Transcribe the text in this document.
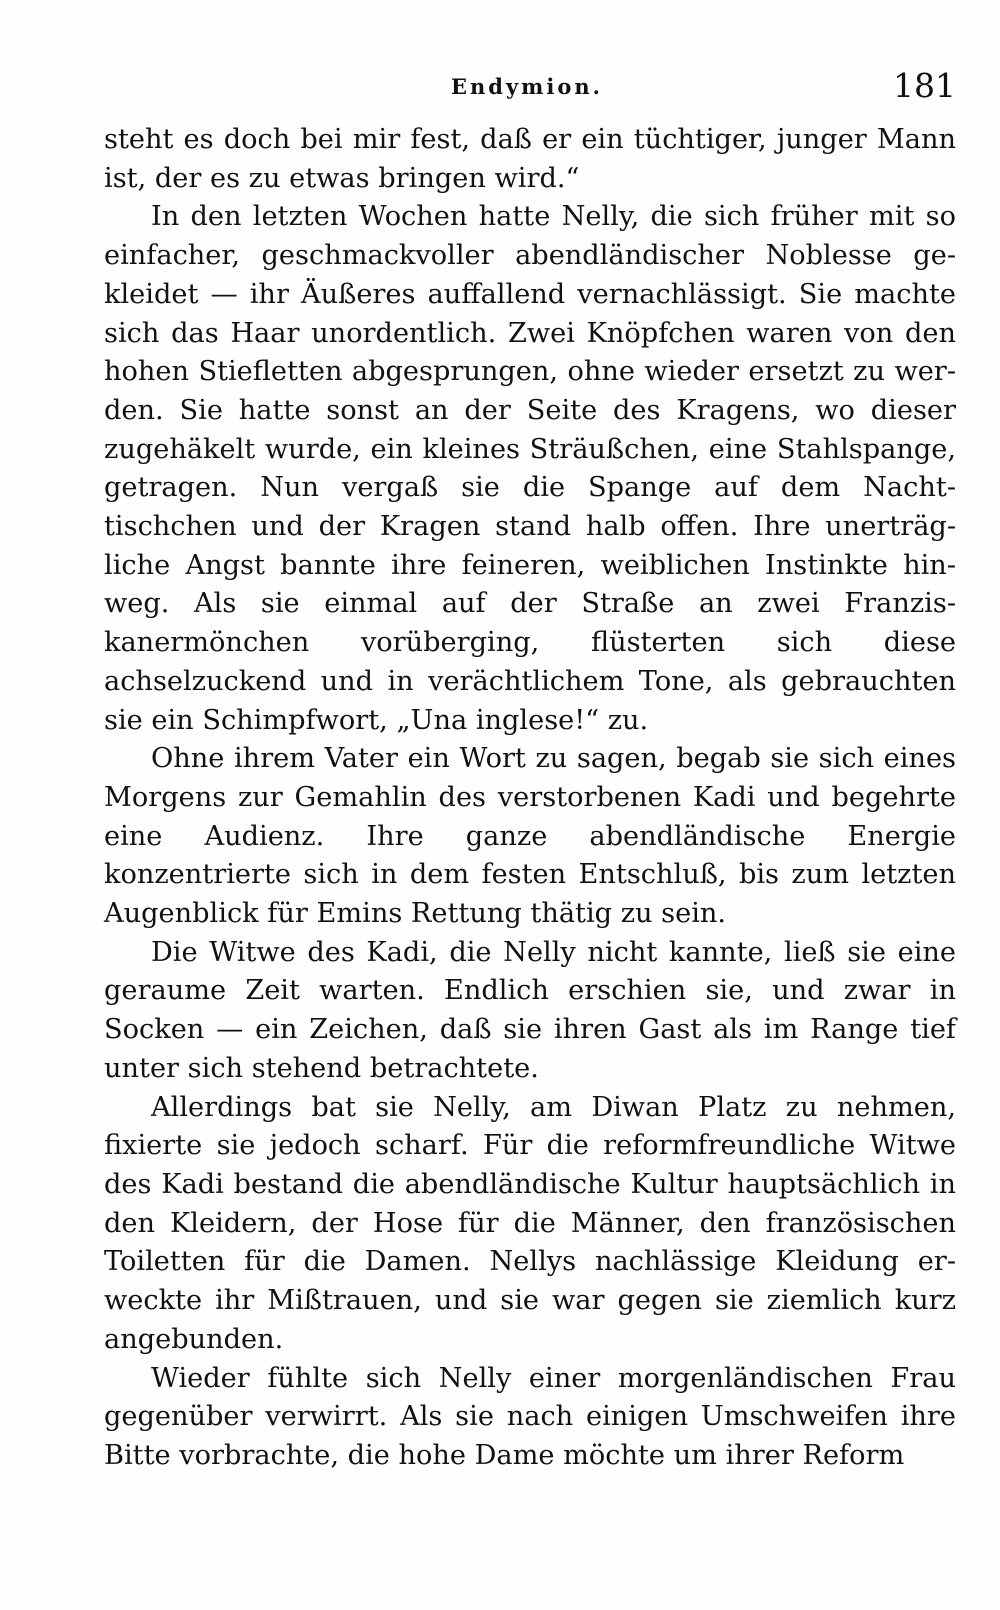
Endymion.	181

steht es doch bei mir fest, daß er ein tüchtiger, junger Mann ist, der es zu etwas bringen wird.“

In den letzten Wochen hatte Nelly, die sich früher mit so einfacher, geschmackvoller abendländischer Noblesse gekleidet — ihr Äußeres auffallend vernachlässigt. Sie machte sich das Haar unordentlich. Zwei Knöpfchen waren von den hohen Stiefletten abgesprungen, ohne wieder ersetzt zu werden. Sie hatte sonst an der Seite des Kragens, wo dieser zugehäkelt wurde, ein kleines Sträußchen, eine Stahlspange, getragen. Nun vergaß sie die Spange auf dem Nachttischchen und der Kragen stand halb offen. Ihre unerträgliche Angst bannte ihre feineren, weiblichen Instinkte hinweg. Als sie einmal auf der Straße an zwei Franziskanermönchen vorüberging, flüsterten sich diese achselzuckend und in verächtlichem Tone, als gebrauchten sie ein Schimpfwort, „Una inglese!“ zu.

Ohne ihrem Vater ein Wort zu sagen, begab sie sich eines Morgens zur Gemahlin des verstorbenen Kadi und begehrte eine Audienz. Ihre ganze abendländische Energie konzentrierte sich in dem festen Entschluß, bis zum letzten Augenblick für Emins Rettung thätig zu sein.

Die Witwe des Kadi, die Nelly nicht kannte, ließ sie eine geraume Zeit warten. Endlich erschien sie, und zwar in Socken — ein Zeichen, daß sie ihren Gast als im Range tief unter sich stehend betrachtete.

Allerdings bat sie Nelly, am Diwan Platz zu nehmen, fixierte sie jedoch scharf. Für die reformfreundliche Witwe des Kadi bestand die abendländische Kultur hauptsächlich in den Kleidern, der Hose für die Männer, den französischen Toiletten für die Damen. Nellys nachlässige Kleidung erweckte ihr Mißtrauen, und sie war gegen sie ziemlich kurz angebunden.

Wieder fühlte sich Nelly einer morgenländischen Frau gegenüber verwirrt. Als sie nach einigen Umschweifen ihre Bitte vorbrachte, die hohe Dame möchte um ihrer Reform
